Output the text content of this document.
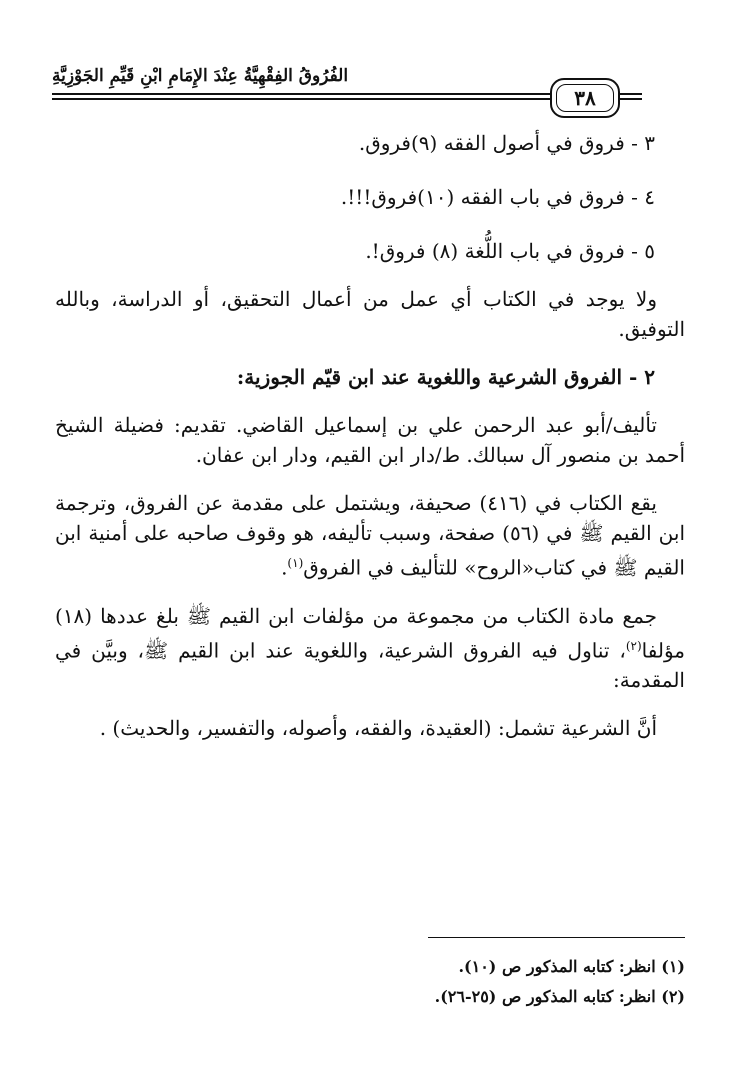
الفُرُوقُ الفِقْهِيَّةُ عِنْدَ الإِمَامِ ابْنِ قَيِّمِ الجَوْزِيَّةِ
٣٨
٣ - فروق في أصول الفقه (٩)فروق.
٤ - فروق في باب الفقه (١٠)فروق!!!.
٥ - فروق في باب اللُّغة (٨) فروق!.
ولا يوجد في الكتاب أي عمل من أعمال التحقيق، أو الدراسة، وبالله التوفيق.
٢ - الفروق الشرعية واللغوية عند ابن قيّم الجوزية:
تأليف/أبو عبد الرحمن علي بن إسماعيل القاضي. تقديم: فضيلة الشيخ أحمد بن منصور آل سبالك. ط/دار ابن القيم، ودار ابن عفان.
يقع الكتاب في (٤١٦) صحيفة، ويشتمل على مقدمة عن الفروق، وترجمة ابن القيم ﷺ في (٥٦) صفحة، وسبب تأليفه، هو وقوف صاحبه على أمنية ابن القيم ﷺ في كتاب«الروح» للتأليف في الفروق$^{(١)}$.
جمع مادة الكتاب من مجموعة من مؤلفات ابن القيم ﷺ بلغ عددها (١٨) مؤلفا$^{(٢)}$، تناول فيه الفروق الشرعية، واللغوية عند ابن القيم ﷺ، وبيَّن في المقدمة:
أنَّ الشرعية تشمل: (العقيدة، والفقه، وأصوله، والتفسير، والحديث) .
(١) انظر: كتابه المذكور ص (١٠).
(٢) انظر: كتابه المذكور ص (٢٥-٢٦).
